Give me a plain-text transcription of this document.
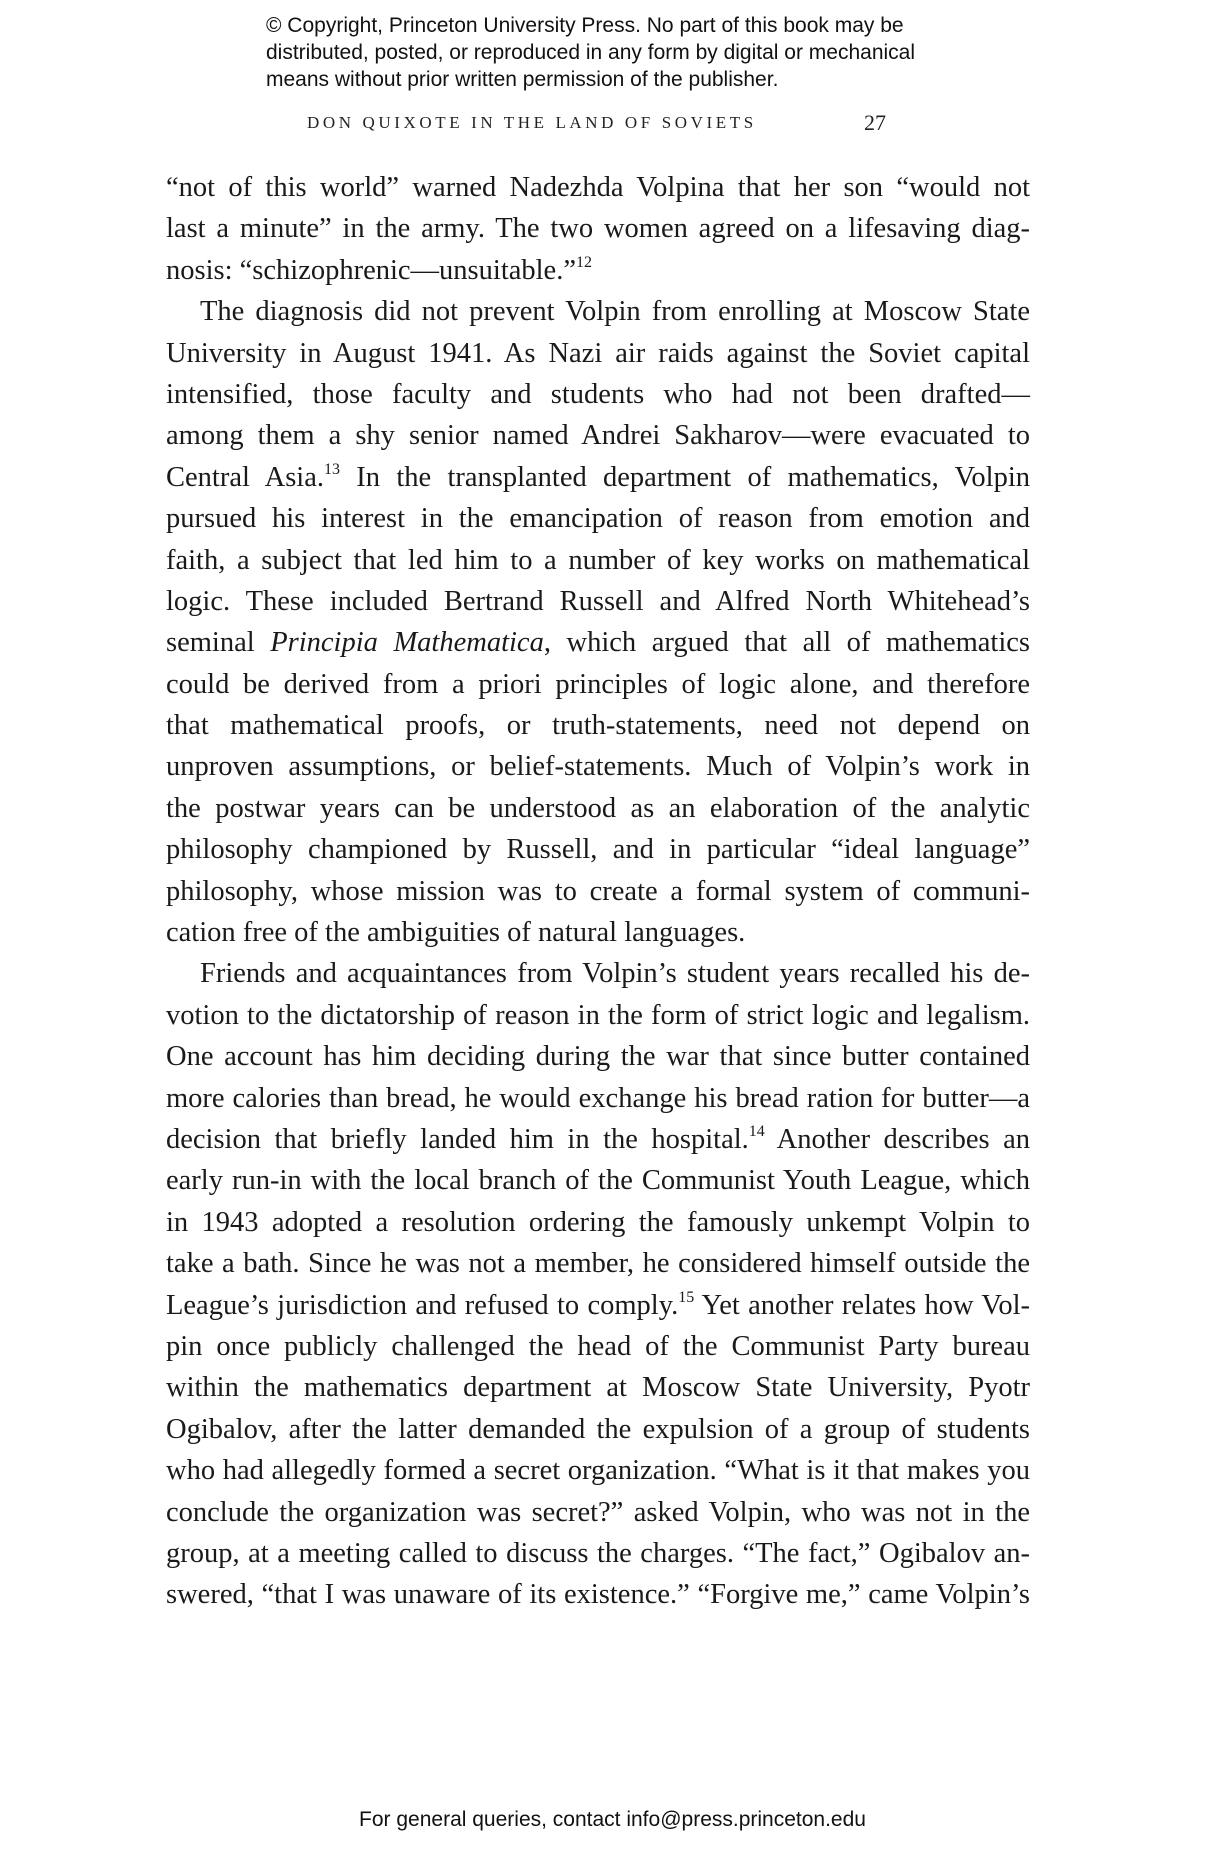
© Copyright, Princeton University Press. No part of this book may be
distributed, posted, or reproduced in any form by digital or mechanical
means without prior written permission of the publisher.
DON QUIXOTE IN THE LAND OF SOVIETS	27
“not of this world” warned Nadezhda Volpina that her son “would not
last a minute” in the army. The two women agreed on a lifesaving diag-
nosis: “schizophrenic—unsuitable.”$^{12}$
The diagnosis did not prevent Volpin from enrolling at Moscow State
University in August 1941. As Nazi air raids against the Soviet capital
intensified, those faculty and students who had not been drafted—
among them a shy senior named Andrei Sakharov—were evacuated to
Central Asia.$^{13}$ In the transplanted department of mathematics, Volpin
pursued his interest in the emancipation of reason from emotion and
faith, a subject that led him to a number of key works on mathematical
logic. These included Bertrand Russell and Alfred North Whitehead’s
seminal Principia Mathematica, which argued that all of mathematics
could be derived from a priori principles of logic alone, and therefore
that mathematical proofs, or truth-statements, need not depend on
unproven assumptions, or belief-statements. Much of Volpin’s work in
the postwar years can be understood as an elaboration of the analytic
philosophy championed by Russell, and in particular “ideal language”
philosophy, whose mission was to create a formal system of communi-
cation free of the ambiguities of natural languages.
Friends and acquaintances from Volpin’s student years recalled his de-
votion to the dictatorship of reason in the form of strict logic and legalism.
One account has him deciding during the war that since butter contained
more calories than bread, he would exchange his bread ration for butter—a
decision that briefly landed him in the hospital.$^{14}$ Another describes an
early run-in with the local branch of the Communist Youth League, which
in 1943 adopted a resolution ordering the famously unkempt Volpin to
take a bath. Since he was not a member, he considered himself outside the
League’s jurisdiction and refused to comply.$^{15}$ Yet another relates how Vol-
pin once publicly challenged the head of the Communist Party bureau
within the mathematics department at Moscow State University, Pyotr
Ogibalov, after the latter demanded the expulsion of a group of students
who had allegedly formed a secret organization. “What is it that makes you
conclude the organization was secret?” asked Volpin, who was not in the
group, at a meeting called to discuss the charges. “The fact,” Ogibalov an-
swered, “that I was unaware of its existence.” “Forgive me,” came Volpin’s
For general queries, contact info@press.princeton.edu
